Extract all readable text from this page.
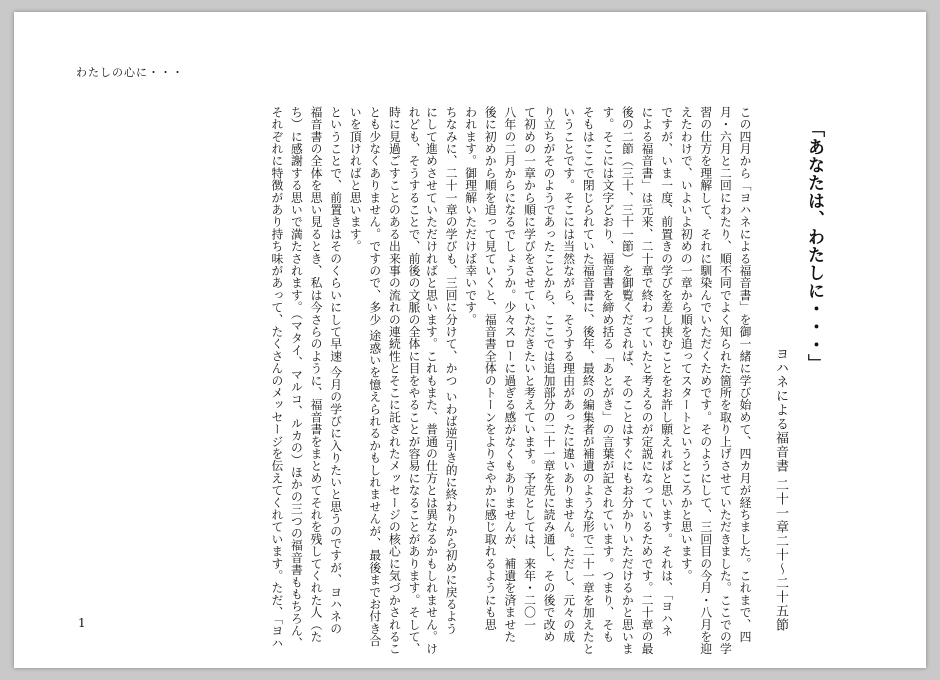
わたしの心に・・・
「あなたは、わたしに・・・」
ヨハネによる福音書 二十一章二十〜二十五節
この四月から「ヨハネによる福音書」を御一緒に学び始めて、四カ月が経ちました。これまで、四
月・六月と二回にわたり、順不同でよく知られた箇所を取り上げさせていただきました。ここでの学
習の仕方を理解して、それに馴染んでいただくためです。そのようにして、三回目の今月・八月を迎
えたわけで、いよいよ初めの一章から順を追ってスタートというところかと思います。
ですが、いま一度、前置きの学びを差し挟むことをお許し願えればと思います。それは、「ヨハネ
による福音書」は元来、二十章で終わっていたと考えるのが定説になっているためです。二十章の最
後の二節（三十、三十一節）を御覧くだされば、そのことはすぐにもお分かりいただけるかと思いま
す。そこには文字どおり、福音書を締め括る「あとがき」の言葉が記されています。つまり、そも
そもはここで閉じられていた福音書に、後年、最終の編集者が補遺のような形で二十一章を加えたと
いうことです。そこには当然ながら、そうする理由があったに違いありません。ただし、元々の成
り立ちがそのようであったことから、ここでは追加部分の二十一章を先に読み通し、その後で改め
て初めの一章から順に学びをさせていただきたいと考えています。予定としては、来年・二〇一
八年の二月からになるでしょうか。少々スローに過ぎる感がなくもありませんが、補遺を済ませた
後に初めから順を追って見ていくと、福音書全体のトーンをよりさやかに感じ取れるようにも思
われます。御理解いただけば幸いです。
ちなみに、二十一章の学びも、三回に分けて、かつ いわば逆引き的に終わりから初めに戻るよう
にして進めさせていただければと思います。これもまた、普通の仕方とは異なるかもしれません。け
れども、そうすることで、前後の文脈の全体に目をやることが容易になることがあります。そして、
時に見過ごすことのある出来事の流れの連続性とそこに託されたメッセージの核心に気づかされるこ
とも少なくありません。ですので、多少 途惑いを憶えられるかもしれませんが、最後までお付き合
いを頂ければと思います。
ということで、前置きはそのくらいにして早速 今月の学びに入りたいと思うのですが、ヨハネの
福音書の全体を思い見るとき、私は今さらのように、福音書をまとめてそれを残してくれた人（た
ち）に感謝する思いで満たされます。（マタイ、マルコ、ルカの）ほかの三つの福音書ももちろん、
それぞれに特徴があり持ち味があって、たくさんのメッセージを伝えてくれています。ただ、「ヨハ
1
